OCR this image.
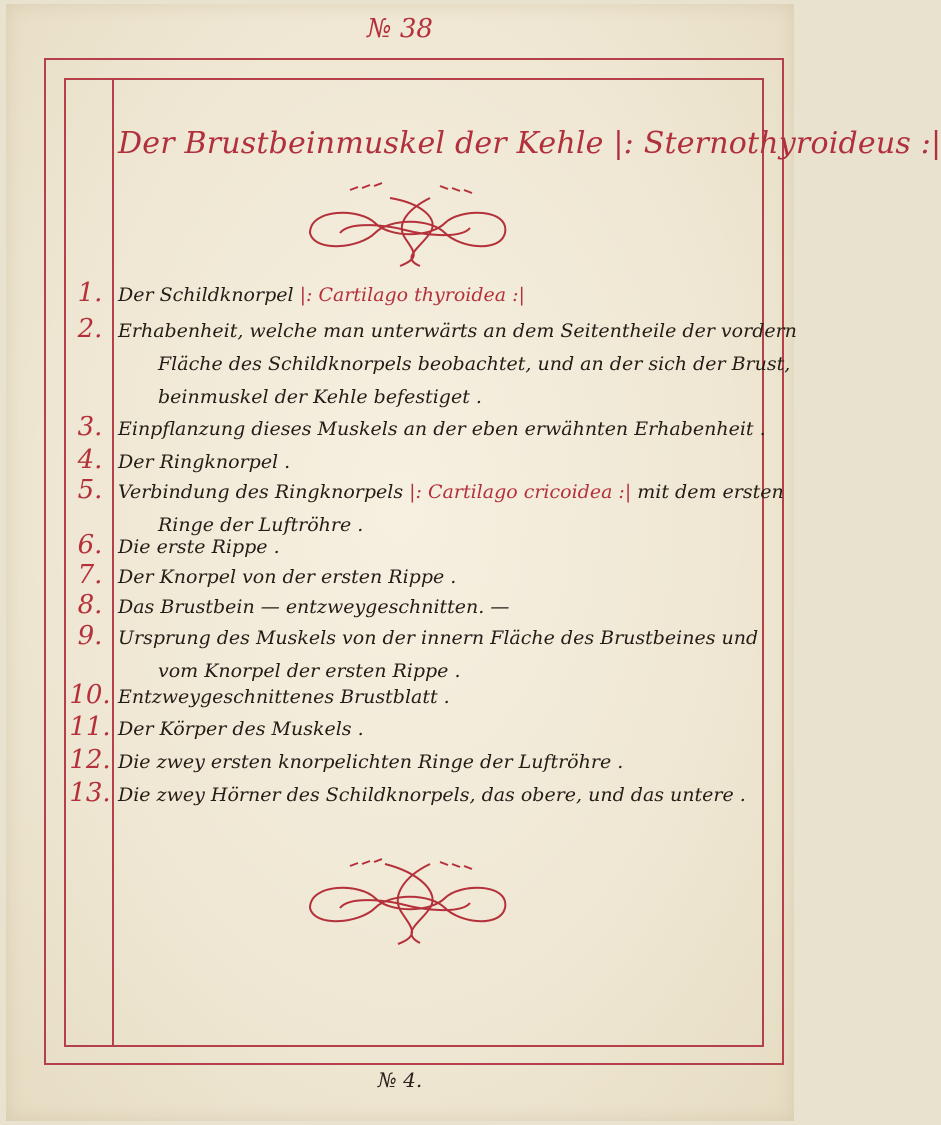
№ 38
Der Brustbeinmuskel der Kehle |: Sternothyroideus :|
1. Der Schildknorpel |: Cartilago thyroidea :|
2. Erhabenheit, welche man unterwärts an dem Seitentheile der vordern
Fläche des Schildknorpels beobachtet, und an der sich der Brust,
beinmuskel der Kehle befestiget .
3. Einpflanzung dieses Muskels an der eben erwähnten Erhabenheit .
4. Der Ringknorpel .
5. Verbindung des Ringknorpels |: Cartilago cricoidea :| mit dem ersten
Ringe der Luftröhre .
6. Die erste Rippe .
7. Der Knorpel von der ersten Rippe .
8. Das Brustbein — entzweygeschnitten. —
9. Ursprung des Muskels von der innern Fläche des Brustbeines und
vom Knorpel der ersten Rippe .
10. Entzweygeschnittenes Brustblatt .
11. Der Körper des Muskels .
12. Die zwey ersten knorpelichten Ringe der Luftröhre .
13. Die zwey Hörner des Schildknorpels, das obere, und das untere .
№ 4.
